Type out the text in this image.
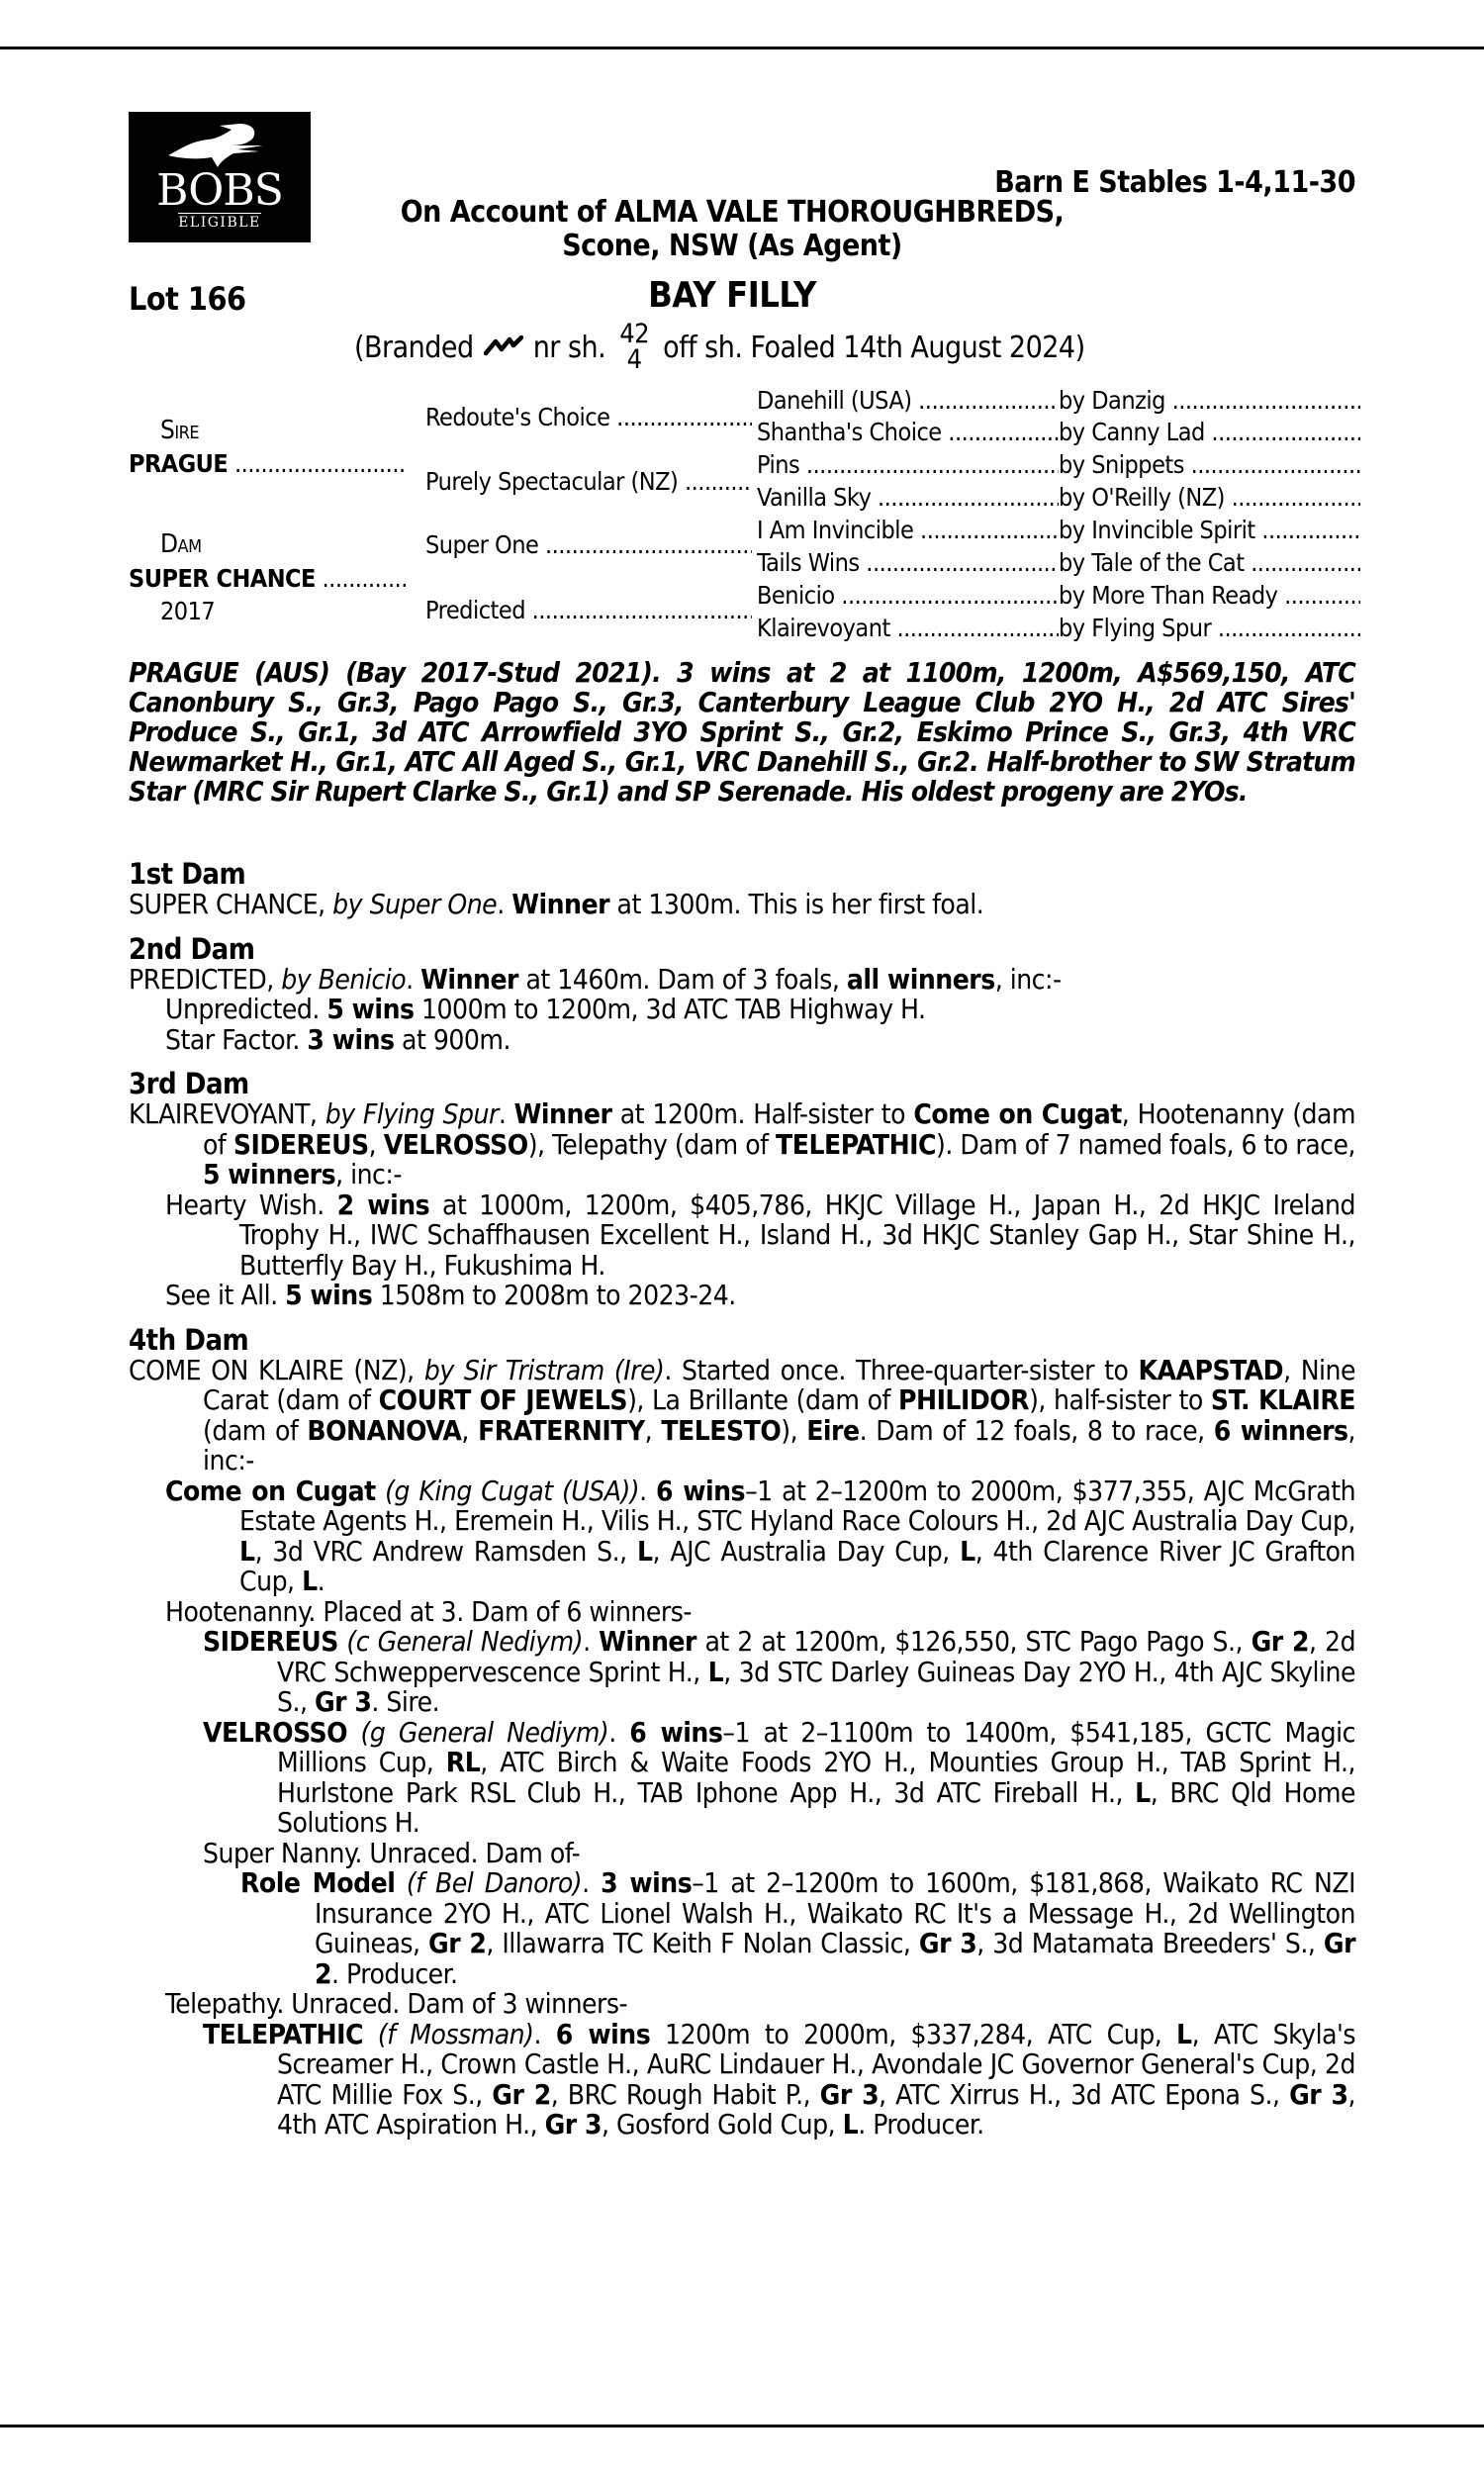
BOBS
ELIGIBLE
Barn E Stables 1-4,11-30
On Account of ALMA VALE THOROUGHBREDS,
Scone, NSW (As Agent)
Lot 166	BAY FILLY
(Branded nr sh. 42
4 off sh. Foaled 14th August 2024)
Sire
PRAGUE .....
Dam
SUPER CHANCE .....
2017
Redoute's Choice .....
Purely Spectacular (NZ) .....
Super One .....
Predicted .....
Danehill (USA) .....
Shantha's Choice .....
Pins .....
Vanilla Sky .....
I Am Invincible .....
Tails Wins .....
Benicio .....
Klairevoyant .....
by Danzig .....
by Canny Lad .....
by Snippets .....
by O'Reilly (NZ) .....
by Invincible Spirit .....
by Tale of the Cat .....
by More Than Ready .....
by Flying Spur .....
PRAGUE (AUS) (Bay 2017-Stud 2021). 3 wins at 2 at 1100m, 1200m, A$569,150, ATC Canonbury S., Gr.3, Pago Pago S., Gr.3, Canterbury League Club 2YO H., 2d ATC Sires' Produce S., Gr.1, 3d ATC Arrowfield 3YO Sprint S., Gr.2, Eskimo Prince S., Gr.3, 4th VRC Newmarket H., Gr.1, ATC All Aged S., Gr.1, VRC Danehill S., Gr.2. Half-brother to SW Stratum Star (MRC Sir Rupert Clarke S., Gr.1) and SP Serenade. His oldest progeny are 2YOs.
1st Dam

SUPER CHANCE, by Super One. Winner at 1300m. This is her first foal.

2nd Dam

PREDICTED, by Benicio. Winner at 1460m. Dam of 3 foals, all winners, inc:-

Unpredicted. 5 wins 1000m to 1200m, 3d ATC TAB Highway H.

Star Factor. 3 wins at 900m.

3rd Dam

KLAIREVOYANT, by Flying Spur. Winner at 1200m. Half-sister to Come on Cugat, Hootenanny (dam of SIDEREUS, VELROSSO), Telepathy (dam of TELEPATHIC). Dam of 7 named foals, 6 to race, 5 winners, inc:-

Hearty Wish. 2 wins at 1000m, 1200m, $405,786, HKJC Village H., Japan H., 2d HKJC Ireland Trophy H., IWC Schaffhausen Excellent H., Island H., 3d HKJC Stanley Gap H., Star Shine H., Butterfly Bay H., Fukushima H.

See it All. 5 wins 1508m to 2008m to 2023-24.

4th Dam

COME ON KLAIRE (NZ), by Sir Tristram (Ire). Started once. Three-quarter-sister to KAAPSTAD, Nine Carat (dam of COURT OF JEWELS), La Brillante (dam of PHILIDOR), half-sister to ST. KLAIRE (dam of BONANOVA, FRATERNITY, TELESTO), Eire. Dam of 12 foals, 8 to race, 6 winners, inc:-

Come on Cugat (g King Cugat (USA)). 6 wins–1 at 2–1200m to 2000m, $377,355, AJC McGrath Estate Agents H., Eremein H., Vilis H., STC Hyland Race Colours H., 2d AJC Australia Day Cup, L, 3d VRC Andrew Ramsden S., L, AJC Australia Day Cup, L, 4th Clarence River JC Grafton Cup, L.

Hootenanny. Placed at 3. Dam of 6 winners-

SIDEREUS (c General Nediym). Winner at 2 at 1200m, $126,550, STC Pago Pago S., Gr 2, 2d VRC Schweppervescence Sprint H., L, 3d STC Darley Guineas Day 2YO H., 4th AJC Skyline S., Gr 3. Sire.

VELROSSO (g General Nediym). 6 wins–1 at 2–1100m to 1400m, $541,185, GCTC Magic Millions Cup, RL, ATC Birch & Waite Foods 2YO H., Mounties Group H., TAB Sprint H., Hurlstone Park RSL Club H., TAB Iphone App H., 3d ATC Fireball H., L, BRC Qld Home Solutions H.

Super Nanny. Unraced. Dam of-

Role Model (f Bel Danoro). 3 wins–1 at 2–1200m to 1600m, $181,868, Waikato RC NZI Insurance 2YO H., ATC Lionel Walsh H., Waikato RC It's a Message H., 2d Wellington Guineas, Gr 2, Illawarra TC Keith F Nolan Classic, Gr 3, 3d Matamata Breeders' S., Gr 2. Producer.

Telepathy. Unraced. Dam of 3 winners-

TELEPATHIC (f Mossman). 6 wins 1200m to 2000m, $337,284, ATC Cup, L, ATC Skyla's Screamer H., Crown Castle H., AuRC Lindauer H., Avondale JC Governor General's Cup, 2d ATC Millie Fox S., Gr 2, BRC Rough Habit P., Gr 3, ATC Xirrus H., 3d ATC Epona S., Gr 3, 4th ATC Aspiration H., Gr 3, Gosford Gold Cup, L. Producer.
